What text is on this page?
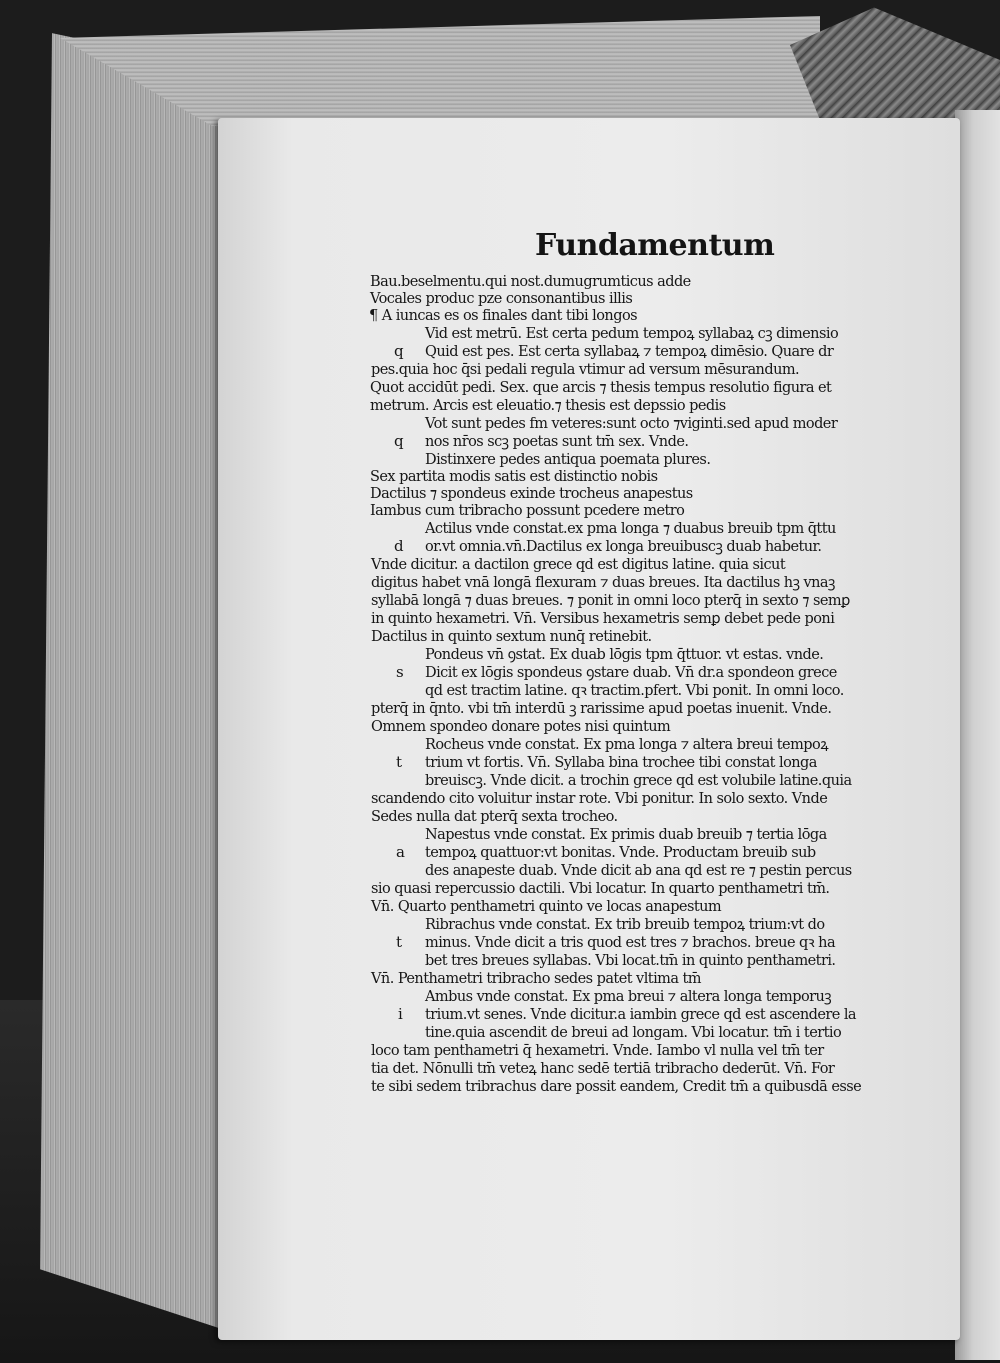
Fundamentum
Bau.beselmentu.qui nost.dumugrumticus adde
Vocales produc pze consonantibus illis
¶ A iuncas es os finales dant tibi longos
Vid est metrū. Est certa pedum tempoꝝ syllabaꝝ cꝫ dimensio
Quid est pes. Est certa syllabaꝝ ⁊ tempoꝝ dimēsio. Quare dr
pes.quia hoc q̄si pedali regula vtimur ad versum mēsurandum.
Quot accidūt pedi. Sex. que arcis ⁊ thesis tempus resolutio figura et
metrum. Arcis est eleuatio.⁊ thesis est depssio pedis
Vot sunt pedes fm veteres:sunt octo ⁊viginti.sed apud moder
nos nr̄os scꝫ poetas sunt tm̄ sex. Vnde.
Distinxere pedes antiqua poemata plures.
Sex partita modis satis est distinctio nobis
Dactilus ⁊ spondeus exinde trocheus anapestus
Iambus cum tribracho possunt pcedere metro
Actilus vnde constat.ex pma longa ⁊ duabus breuib tpm q̄ttu
or.vt omnia.vn̄.Dactilus ex longa breuibuscꝫ duab habetur.
Vnde dicitur. a dactilon grece qd est digitus latine. quia sicut
digitus habet vnā longā flexuram ⁊ duas breues. Ita dactilus hꝫ vnaꝫ
syllabā longā ⁊ duas breues. ⁊ ponit in omni loco pterq̄ in sexto ⁊ semꝑ
in quinto hexametri. Vn̄. Versibus hexametris semꝑ debet pede poni
Dactilus in quinto sextum nunq̄ retinebit.
Pondeus vn̄ ꝯstat. Ex duab lōgis tpm q̄ttuor. vt estas. vnde.
Dicit ex lōgis spondeus ꝯstare duab. Vn̄ dr.a spondeon grece
qd est tractim latine. qꝛ tractim.pfert. Vbi ponit. In omni loco.
pterq̄ in q̄nto. vbi tm̄ interdū ꝫ rarissime apud poetas inuenit. Vnde.
Omnem spondeo donare potes nisi quintum
Rocheus vnde constat. Ex pma longa ⁊ altera breui tempoꝝ
trium vt fortis. Vn̄. Syllaba bina trochee tibi constat longa
breuiscꝫ. Vnde dicit. a trochin grece qd est volubile latine.quia
scandendo cito voluitur instar rote. Vbi ponitur. In solo sexto. Vnde
Sedes nulla dat pterq̄ sexta trocheo.
Napestus vnde constat. Ex primis duab breuib ⁊ tertia lōga
tempoꝝ quattuor:vt bonitas. Vnde. Productam breuib sub
des anapeste duab. Vnde dicit ab ana qd est re ⁊ pestin percus
sio quasi repercussio dactili. Vbi locatur. In quarto penthametri tm̄.
Vn̄. Quarto penthametri quinto ve locas anapestum
Ribrachus vnde constat. Ex trib breuib tempoꝝ trium:vt do
minus. Vnde dicit a tris quod est tres ⁊ brachos. breue qꝛ ha
bet tres breues syllabas. Vbi locat.tm̄ in quinto penthametri.
Vn̄. Penthametri tribracho sedes patet vltima tm̄
Ambus vnde constat. Ex pma breui ⁊ altera longa temporuꝫ
trium.vt senes. Vnde dicitur.a iambin grece qd est ascendere la
tine.quia ascendit de breui ad longam. Vbi locatur. tm̄ i tertio
loco tam penthametri q̄ hexametri. Vnde. Iambo vl nulla vel tm̄ ter
tia det. Nōnulli tm̄ veteꝝ hanc sedē tertiā tribracho dederūt. Vn̄. For
te sibi sedem tribrachus dare possit eandem, Credit tm̄ a quibusdā esse
q
q
d
s
t
a
t
i
